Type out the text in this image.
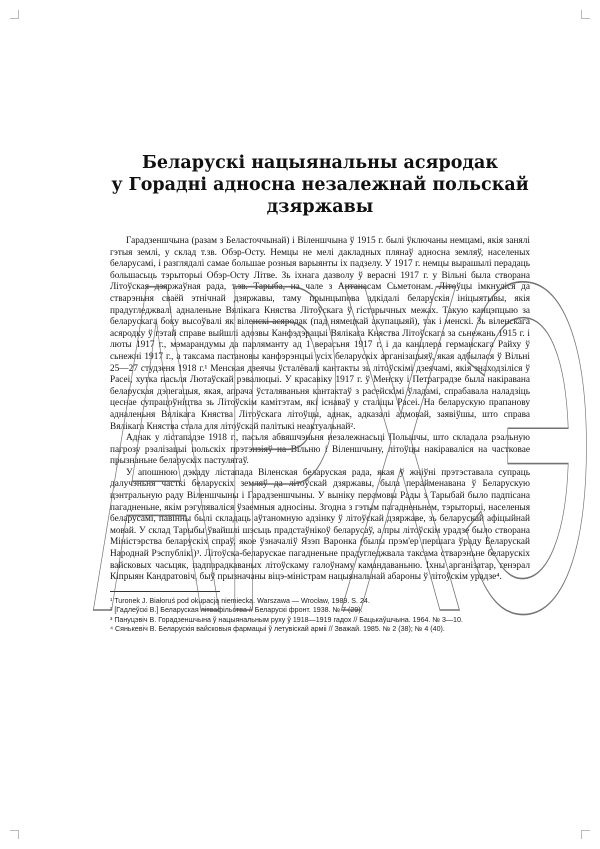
Беларускі нацыянальны асяродак
у Горадні адносна незалежнай польскай
дзяржавы

Гарадзеншчына (разам з Беласточчынай) і Віленшчына ў 1915 г. былі ўключаны немцамі, якія занялі гэтыя землі, у склад т.зв. Обэр-Осту. Немцы не мелі дакладных плянаў адносна земляў, населеных беларусамі, і разглядалі самае большае розныя варыянты іх падзелу. У 1917 г. немцы вырашылі перадаць большасьць тэрыторыі Обэр-Осту Літве. Зь іхнага дазволу ў верасні 1917 г. у Вільні была створана Літоўская дзяржаўная рада, т.зв. Тарыба, на чале з Антанасам Сьметонам. Літоўцы імкнуліся да стварэньня сваёй этнічнай дзяржавы, таму прынцыпова адкідалі беларускія ініцыятывы, якія прадугледжвалі адналеньне Вялікага Княства Літоўскага ў гістарычных межах. Такую канцэпцыю за беларускага боку высоўвалі як віленскі асяродак (пад нямецкай акупацыяй), так і менскі. Зь віленскага асяродку ў гэтай справе выйшлі адозвы Канфэдэрацыі Вялікага Княства Літоўскага за сьнежань 1915 г. і люты 1917 г., мэмарандумы да парляманту ад 1 верасьня 1917 г. і да канцлера германскага Райху ў сьнежні 1917 г., а таксама пастановы канфэрэнцыі усіх беларускіх арганізацыяў, якая адбылася ў Вільні 25—27 студзеня 1918 г.¹ Менская дзеячы ўсталёвалі кантакты зь літоўскімі дзеячамі, якія знаходзіліся ў Расеі, хутка пасьля Лютаўскай рэвалюцыі. У красавіку 1917 г. ў Менску і Петраградзе была накіравана беларуская дэлегацыя, якая, апрача ўсталяваньня кантактаў з расейскімі ўладамі, спрабавала наладзіць цеснае супрацоўніцтва зь Літоўскім камітэтам, які існаваў у сталіцы Расеі. На беларускую прапанову адналеньня Вялікага Княства Літоўскага літоўцы, аднак, адказалі адмовай, заявіўшы, што справа Вялікага Княства стала для літоўскай палітыкі неактуальнай².

Аднак у лістападзе 1918 г., пасьля абвяшчэньня незалежнасьці Польшчы, што складала рэальную пагрозу рэалізацыі польскіх прэтэнзіяў на Вільню і Віленшчыну, літоўцы накіраваліся на частковае прызнаньне беларускіх пастулятаў.

У апошнюю дэкаду лістапада Віленская беларуская рада, якая ў жніўні прэтэставала супраць далучэньня часткі беларускіх земляў да літоўскай дзяржавы, была перайменавана ў Беларускую цэнтральную раду Віленшчыны і Гарадзеншчыны. У выніку перамовы Рады з Тарыбай было падпісана пагадненьне, якім рэгуляваліся ўзаемныя адносіны. Згодна з гэтым пагадненьнем, тэрыторыі, населеныя беларусамі, павінны былі складаць аўтаномную адзінку ў літоўскай дзяржаве, зь беларускай афіцыйнай мовай. У склад Тарыбы ўвайшлі шэсьць прадстаўнікоў беларусаў, а пры літоўскім урадзе было створана Міністэрства беларускіх спраў, якое ўзначаліў Язэп Варонка (былы прэм'ер першага ўраду Беларускай Народнай Рэспублікі)³. Літоўска-беларускае пагадненьне прадугледжвала таксама стварэньне беларускіх вайсковых часьцяк, падпарадкаваных літоўскаму галоўнаму камандаваньню. Іхны арганізатар, генэрал Кіпрыян Кандратовіч, быў прызначаны віцэ-міністрам нацыянальнай абароны ў літоўскім урадзе⁴.

¹ Turonek J. Białoruś pod okupacją niemiecką. Warszawa — Wrocław, 1989. S. 24.

² [Гадлеўскі В.] Беларуская літвафільства // Беларускі фронт. 1938. № 7 (29).

³ Пануцэвіч В. Горадзеншчына ў нацыянальным руху ў 1918—1919 гадох // Бацькаўшчына. 1964. № 3—10.

⁴ Сянькевіч В. Беларускія вайсковыя фармацыі ў летувіскай арміі // Зважай. 1985. № 2 (38); № 4 (40).

АРХЭ
